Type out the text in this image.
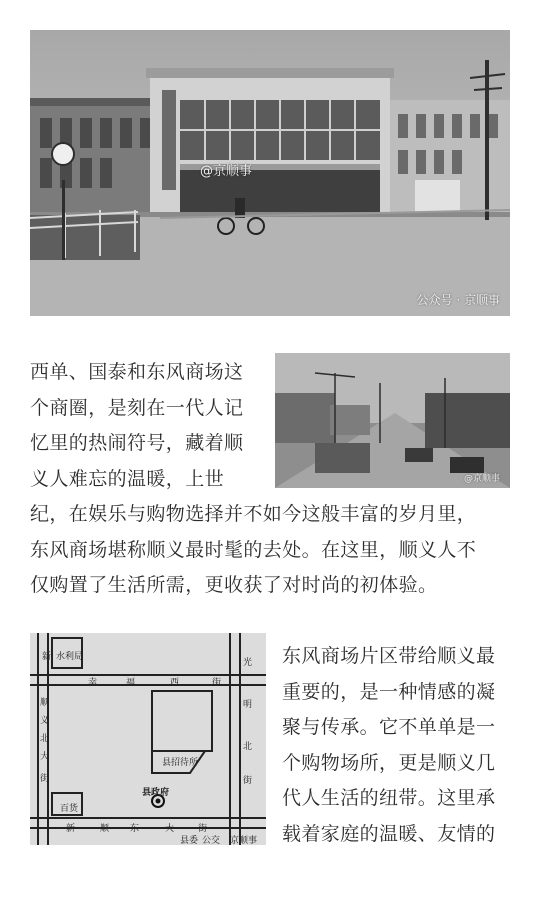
@京顺事
公众号 · 京顺事

西单、国泰和东风商场这
个商圈，是刻在一代人记
忆里的热闹符号，藏着顺
义人难忘的温暖，上世	@京顺事

纪，在娱乐与购物选择并不如今这般丰富的岁月里，
东风商场堪称顺义最时髦的去处。在这里，顺义人不
仅购置了生活所需，更收获了对时尚的初体验。

新 水利局
幸	福	西	街
光
明
北
顺
义
北
大
街
县招待所
县政府
街
百货
新	顺 东	大	街
县委 公交 京顺事

东风商场片区带给顺义最
重要的，是一种情感的凝
聚与传承。它不单单是一
个购物场所，更是顺义几
代人生活的纽带。这里承
载着家庭的温暖、友情的
